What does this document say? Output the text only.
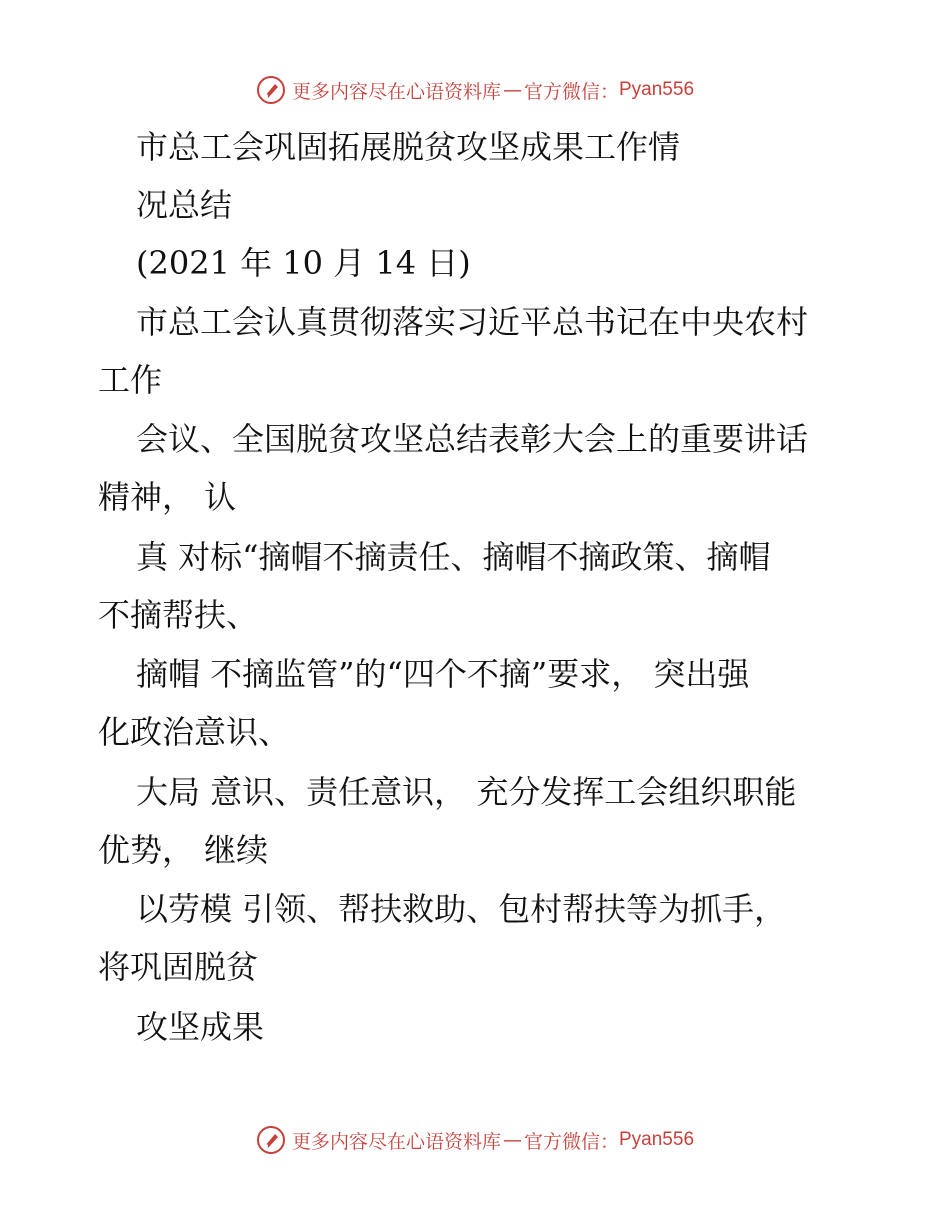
更多内容尽在心语资料库 — 官方微信： Pyan556
市总工会巩固拓展脱贫攻坚成果工作情
况总结
(2021 年 10 月 14 日)
市总工会认真贯彻落实习近平总书记在中央农村
工作
会议、全国脱贫攻坚总结表彰大会上的重要讲话
精神， 认
真 对标“摘帽不摘责任、摘帽不摘政策、摘帽
不摘帮扶、
摘帽 不摘监管”的“四个不摘”要求， 突出强
化政治意识、
大局 意识、责任意识， 充分发挥工会组织职能
优势， 继续
以劳模 引领、帮扶救助、包村帮扶等为抓手，
将巩固脱贫
攻坚成果
更多内容尽在心语资料库 — 官方微信： Pyan556
